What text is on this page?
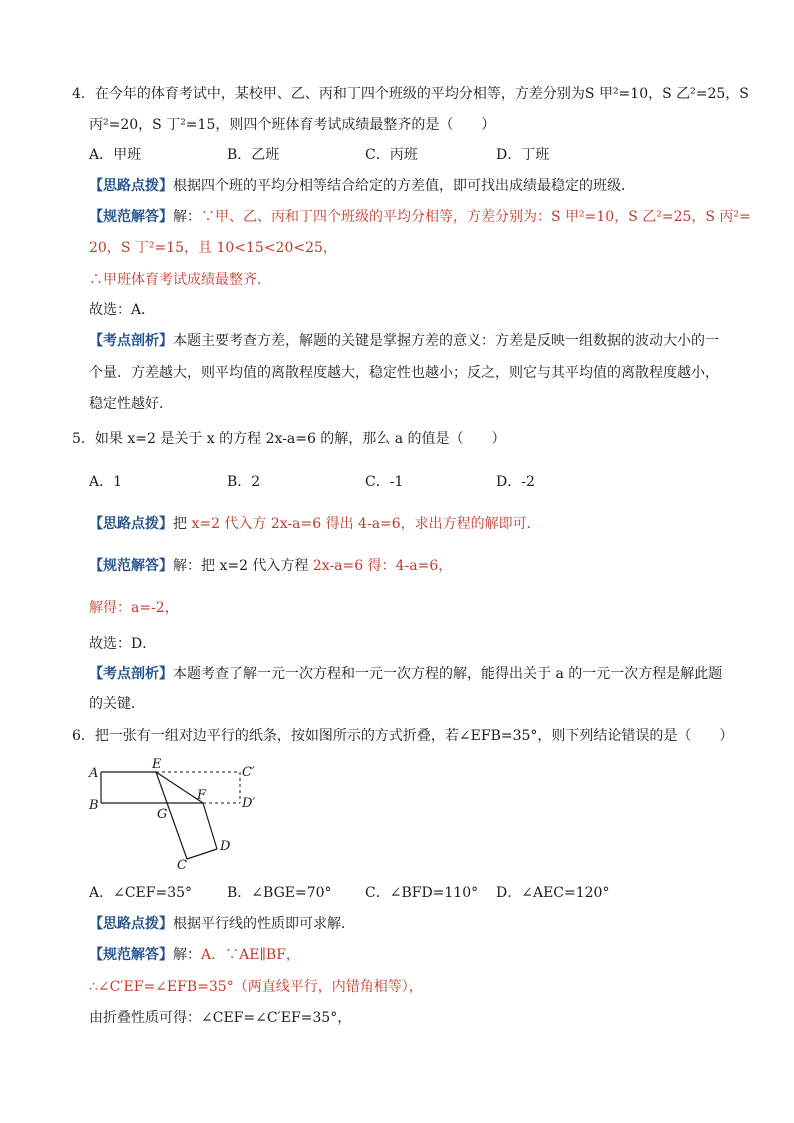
4．在今年的体育考试中，某校甲、乙、丙和丁四个班级的平均分相等，方差分别为S 甲²=10，S 乙²=25，S
丙²=20，S 丁²=15，则四个班体育考试成绩最整齐的是（　　）
A．甲班	B．乙班	C．丙班	D．丁班
【思路点拨】根据四个班的平均分相等结合给定的方差值，即可找出成绩最稳定的班级．
【规范解答】解：∵甲、乙、丙和丁四个班级的平均分相等，方差分别为：S 甲²=10，S 乙²=25，S 丙²=
20，S 丁²=15，且 10<15<20<25，
∴甲班体育考试成绩最整齐．
故选：A．
【考点剖析】本题主要考查方差，解题的关键是掌握方差的意义：方差是反映一组数据的波动大小的一
个量．方差越大，则平均值的离散程度越大，稳定性也越小；反之，则它与其平均值的离散程度越小，
稳定性越好．
5．如果 x=2 是关于 x 的方程 2x-a=6 的解，那么 a 的值是（　　）
A．1	B．2	C．-1	D．-2
【思路点拨】把 x=2 代入方 2x-a=6 得出 4-a=6，求出方程的解即可．
【规范解答】解：把 x=2 代入方程 2x-a=6 得：4-a=6，
解得：a=-2，
故选：D．
【考点剖析】本题考查了解一元一次方程和一元一次方程的解，能得出关于 a 的一元一次方程是解此题
的关键．
6．把一张有一组对边平行的纸条，按如图所示的方式折叠，若∠EFB=35°，则下列结论错误的是（　　）
A
B
E
F
G
C
D
C′
D′
A．∠CEF=35° B．∠BGE=70° C．∠BFD=110° D．∠AEC=120°
【思路点拨】根据平行线的性质即可求解．
【规范解答】解：A．∵AE∥BF，
∴∠C′EF=∠EFB=35°（两直线平行，内错角相等），
由折叠性质可得：∠CEF=∠C′EF=35°，
